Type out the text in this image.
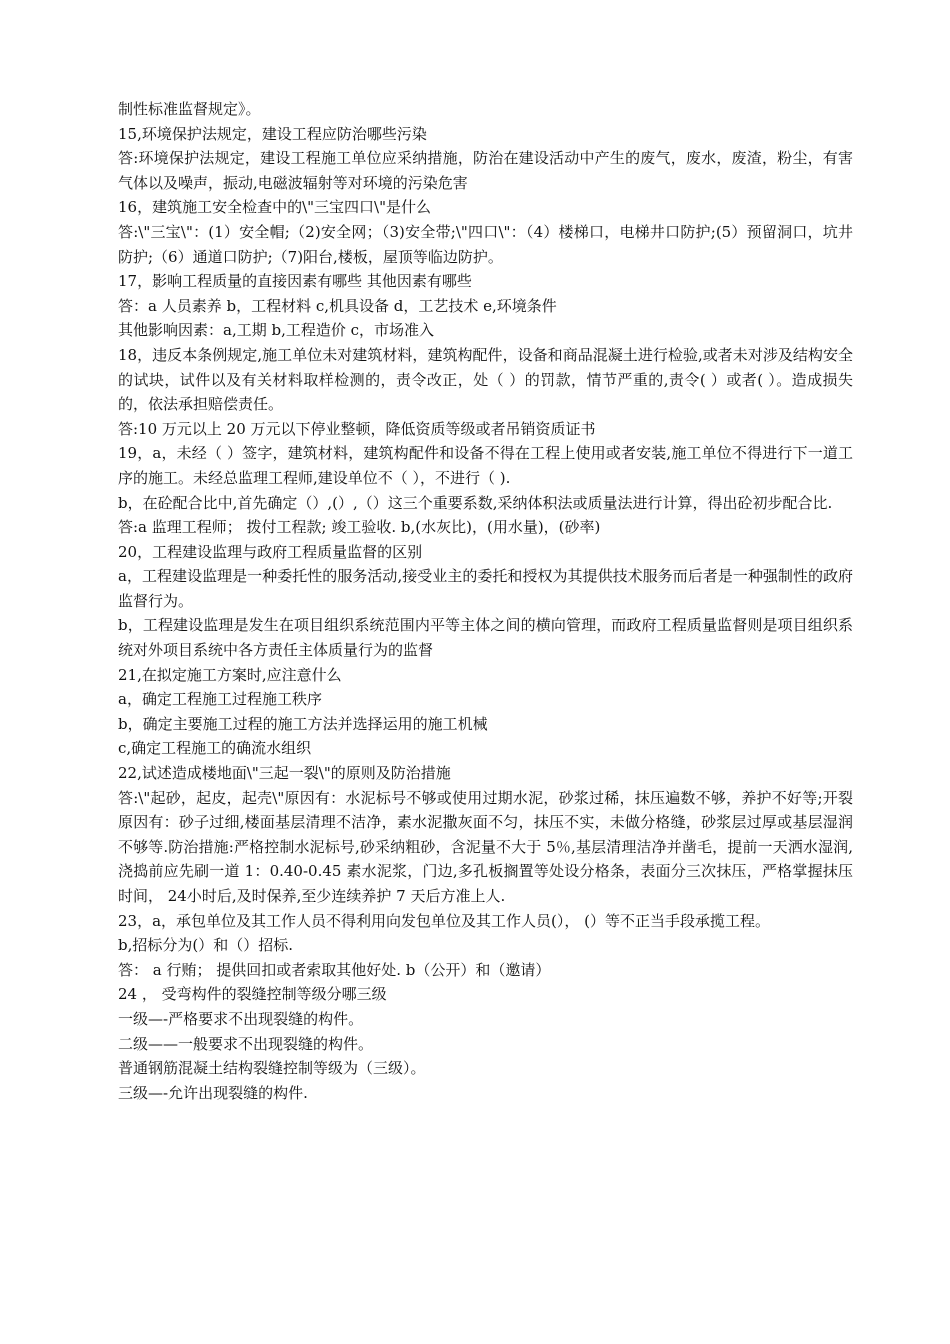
制性标准监督规定》。

15,环境保护法规定，建设工程应防治哪些污染

答:环境保护法规定，建设工程施工单位应采纳措施，防治在建设活动中产生的废气，废水，废渣，粉尘，有害气体以及噪声，振动,电磁波辐射等对环境的污染危害

16，建筑施工安全检查中的\"三宝四口\"是什么

答:\"三宝\"：(1）安全帽;（2)安全网；（3)安全带;\"四口\"：（4）楼梯口，电梯井口防护;(5）预留洞口，坑井防护;（6）通道口防护;（7)阳台,楼板，屋顶等临边防护。

17，影响工程质量的直接因素有哪些 其他因素有哪些

答：a 人员素养 b，工程材料 c,机具设备 d，工艺技术 e,环境条件

其他影响因素：a,工期 b,工程造价 c，市场准入

18，违反本条例规定,施工单位未对建筑材料，建筑构配件，设备和商品混凝土进行检验,或者未对涉及结构安全的试块，试件以及有关材料取样检测的，责令改正，处（ ）的罚款，情节严重的,责令( ）或者( ）。造成损失的，依法承担赔偿责任。

答:10 万元以上 20 万元以下停业整顿，降低资质等级或者吊销资质证书

19，a，未经（ ）签字，建筑材料，建筑构配件和设备不得在工程上使用或者安装,施工单位不得进行下一道工序的施工。未经总监理工程师,建设单位不（ ），不进行（ ).

b，在砼配合比中,首先确定（）,(）,（）这三个重要系数,采纳体积法或质量法进行计算，得出砼初步配合比.

答:a 监理工程师； 拨付工程款; 竣工验收. b,(水灰比)，(用水量)，(砂率)

20，工程建设监理与政府工程质量监督的区别

a，工程建设监理是一种委托性的服务活动,接受业主的委托和授权为其提供技术服务而后者是一种强制性的政府监督行为。

b，工程建设监理是发生在项目组织系统范围内平等主体之间的横向管理，而政府工程质量监督则是项目组织系统对外项目系统中各方责任主体质量行为的监督

21,在拟定施工方案时,应注意什么

a，确定工程施工过程施工秩序

b，确定主要施工过程的施工方法并选择运用的施工机械

c,确定工程施工的确流水组织

22,试述造成楼地面\"三起一裂\"的原则及防治措施

答:\"起砂，起皮，起壳\"原因有：水泥标号不够或使用过期水泥，砂浆过稀，抹压遍数不够，养护不好等;开裂原因有：砂子过细,楼面基层清理不洁净，素水泥撒灰面不匀，抹压不实，未做分格缝，砂浆层过厚或基层湿润不够等.防治措施:严格控制水泥标号,砂采纳粗砂，含泥量不大于 5％,基层清理洁净并凿毛，提前一天洒水湿润,浇捣前应先刷一道 1：0.40-0.45 素水泥浆，门边,多孔板搁置等处设分格条，表面分三次抹压，严格掌握抹压时间， 24小时后,及时保养,至少连续养护 7 天后方准上人.

23，a，承包单位及其工作人员不得利用向发包单位及其工作人员(）， (）等不正当手段承揽工程。

b,招标分为(）和（）招标.

答： a 行贿； 提供回扣或者索取其他好处. b（公开）和（邀请）

24 ， 受弯构件的裂缝控制等级分哪三级

一级—-严格要求不出现裂缝的构件。

二级——一般要求不出现裂缝的构件。

普通钢筋混凝土结构裂缝控制等级为（三级）。

三级—-允许出现裂缝的构件.
